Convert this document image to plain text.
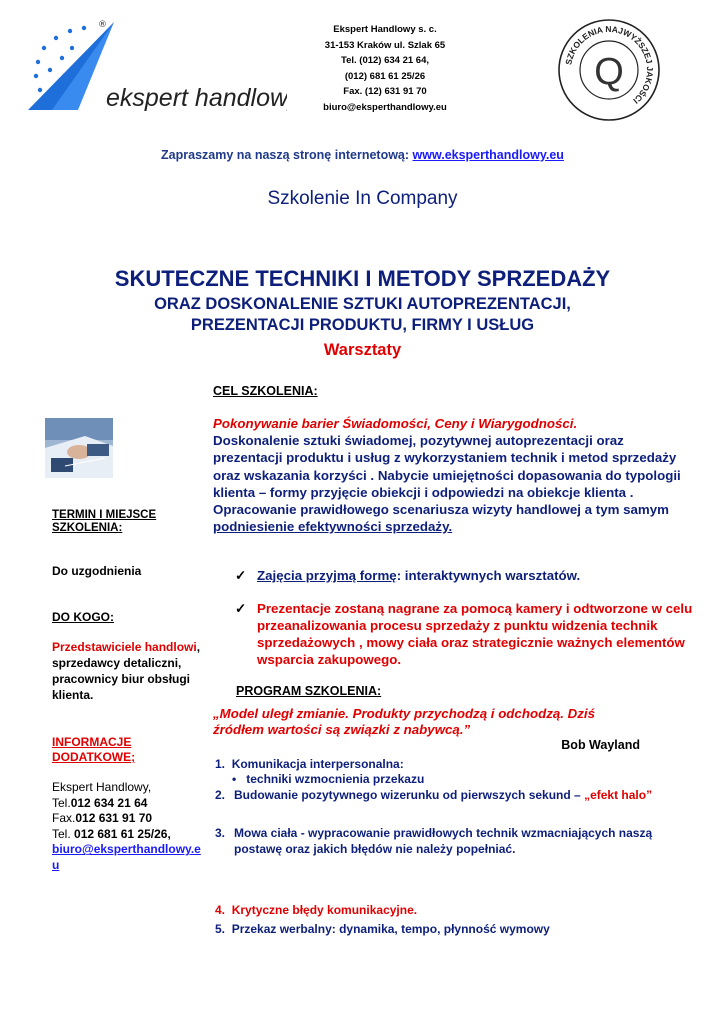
®
ekspert handlowy
Ekspert Handlowy s. c.
31-153 Kraków ul. Szlak 65
Tel. (012) 634 21 64,
(012) 681 61 25/26
Fax. (12) 631 91 70
biuro@eksperthandlowy.eu
SZKOLENIA NAJWYŻSZEJ JAKOŚCI
Q
Zapraszamy na naszą stronę internetową: www.eksperthandlowy.eu
Szkolenie In Company
SKUTECZNE TECHNIKI I METODY SPRZEDAŻY
ORAZ DOSKONALENIE SZTUKI AUTOPREZENTACJI,
PREZENTACJI PRODUKTU, FIRMY I USŁUG
Warsztaty
TERMIN I MIEJSCE SZKOLENIA:
Do uzgodnienia
DO KOGO:
Przedstawiciele handlowi, sprzedawcy detaliczni, pracownicy biur obsługi klienta.
INFORMACJE DODATKOWE;
Ekspert Handlowy,
Tel.012 634 21 64
Fax.012 631 91 70
Tel. 012 681 61 25/26,
biuro@eksperthandlowy.eu
CEL SZKOLENIA:
Pokonywanie barier Świadomości, Ceny i Wiarygodności.
Doskonalenie sztuki świadomej, pozytywnej autoprezentacji oraz prezentacji produktu i usług z wykorzystaniem technik i metod sprzedaży oraz wskazania korzyści . Nabycie umiejętności dopasowania do typologii klienta – formy przyjęcie obiekcji i odpowiedzi na obiekcje klienta . Opracowanie prawidłowego scenariusza wizyty handlowej a tym samym podniesienie efektywności sprzedaży.
✓ Zajęcia przyjmą formę: interaktywnych warsztatów.
✓ Prezentacje zostaną nagrane za pomocą kamery i odtworzone w celu przeanalizowania procesu sprzedaży z punktu widzenia technik sprzedażowych , mowy ciała oraz strategicznie ważnych elementów wsparcia zakupowego.
PROGRAM SZKOLENIA:
„Model uległ zmianie. Produkty przychodzą i odchodzą. Dziś źródłem wartości są związki z nabywcą.”
Bob Wayland
1. Komunikacja interpersonalna:
• techniki wzmocnienia przekazu
2. Budowanie pozytywnego wizerunku od pierwszych sekund – „efekt halo”
3. Mowa ciała - wypracowanie prawidłowych technik wzmacniających naszą postawę oraz jakich błędów nie należy popełniać.
4. Krytyczne błędy komunikacyjne.
5. Przekaz werbalny: dynamika, tempo, płynność wymowy
